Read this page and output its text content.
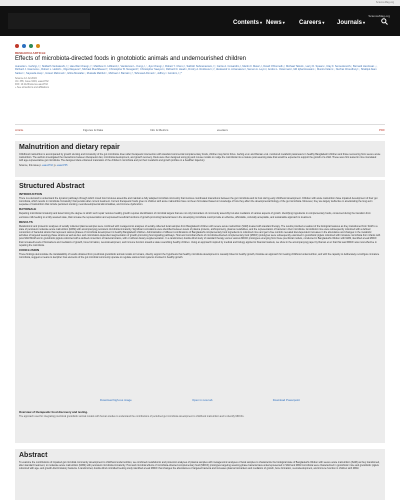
ScienceMag.org
Contents▾ News▾ Careers▾ Journals▾
ScienceMag.org
RESEARCH ARTICLE
Effects of microbiota-directed foods in gnotobiotic animals and undernourished children
Jeanette L. Gehrig¹,²,³, Siddarth Venkatesh¹,²,³, Hao-Wei Chang¹,²,³, Matthew C. Hibberd¹,², Vanderson L. Kung¹,²,⁴, Jiye Cheng¹,², Robert Y. Chen¹,², Sathish Subramanian¹,²,³, Carrie A. Cowardin¹,², Martin F. Meier¹,², David O'Donnell¹,², Michael Talcott⁵, Larry D. Spears⁶, Clay F. Semenkovich⁶, Bernard Henrissat⁷,⁸, Richard J. Giannone⁹, Robert L. Hettich⁹, Olga Ilkayeva¹⁰, Michael Muehlbauer¹⁰, Christopher B. Newgard¹⁰, Christopher Sawyer¹¹, Richard D. Head¹¹, Dmitry A. Rodionov¹²,¹³, Aleksandr A. Arzamasov¹², Semen A. Leyn¹², Andrei L. Osterman¹², Md Iqbal Hossain¹⁴, Munirul Islam¹⁴, Nuzhat Choudhury¹⁴, Shafiqul Alam Sarker¹⁴, Sayeeda Huq¹⁴, Imteaz Mahmud¹⁴, Ishita Mostafa¹⁴, Mustafa Mahfuz¹⁴, Michael J. Barratt¹,²,³, Tahmeed Ahmed¹⁴, Jeffrey I. Gordon¹,²,³,*
Science 12 Jul 2019:
Vol. 365, Issue 6449, eaau4732
DOI: 10.1126/science.aau4732
+ See all authors and affiliations
Article	Figures & Data	Info & Metrics	eLetters	PDF
Malnutrition and dietary repair

Childhood malnutrition is accompanied by growth stunting and immaturity of the gut microbiota. Even after therapeutic intervention with standard commercial complementary foods, children may fail to thrive. Gehrig et al. and Raman et al. monitored metabolic parameters in healthy Bangladeshi children and those recovering from severe acute malnutrition. The authors investigated the interactions between therapeutic diet, microbiota development, and growth recovery. Diets were then designed using pig and mouse models to nudge the microbiota into a mature post-weaning state that would be expected to support the growth of a child. These were first tested in mice inoculated with age-representative gut microbiota. The designed diets enhanced maturation of the children's microbiota and put their metabolic and growth profiles on a healthier trajectory.

Science, this issue p. eaau4732; p. eaau4735
Structured Abstract
INTRODUCTION

There is a demand to understand the dynamic pathways through which mixed food mixtures assemble and maintain a fully adapted microbial community that involves coordinated interactions between the gut microbiota and its host during early childhood development. Children with acute malnutrition have impaired development of their gut microbiota, which results in microbiota 'immaturity' that persists after current treatment. Current therapeutic foods given to children with acute malnutrition have not been formulated based on knowledge of how they affect the developmental biology of the gut microbiota. Moreover, they are largely ineffective in ameliorating the long-term sequelae of malnutrition that include persistent stunting, neurodevelopmental abnormalities, and immune dysfunction.

RATIONALE

Repairing microbiota immaturity and determining the degree to which such repair restores healthy growth requires identification of microbial targets that are not only biomarkers of community assembly but also mediators of various aspects of growth. Identifying ingredients in complementary foods, consumed during the transition from exclusive milk feeding to a fully weaned state, that increase the representation and expressed beneficial functions of growth-promoting bacterial taxa in the developing microbiota could provide an effective, affordable, culturally acceptable, and sustainable approach to treatment.

RESULTS

Metabolomic and proteomic analyses of serially collected plasma samples were combined with metagenomic analyses of serially collected fecal samples from Bangladeshi children with severe acute malnutrition (SAM) treated with standard therapy. The results provided a readout of the biological features as they transitioned from SAM to a state of persistent moderate acute malnutrition (MAM) with accompanying persistent microbiota immaturity. Significant correlations were identified between levels of plasma proteins, anthropometry, plasma metabolites, and the representation of bacteria in their microbiota. Gnotobiotic mice were subsequently colonized with a defined consortium of bacterial strains that represent various phases of microbiota development in healthy Bangladeshi children. Administration of different combinations of Bangladeshi complementary food ingredients to colonized mice and germ-free controls revealed diet-dependent increases in the abundance and changes in the metabolic activities of targeted weaning-phase strains as well as diet- and colonization-dependent augmentation of growth-promoting host signaling pathways. Host and microbial effects of microbiota-directed complementary food (MDCF) prototypes were subsequently examined in gnotobiotic piglets colonized with immature microbiota from infants with post-SAM MAM and in gnotobiotic piglets colonized with a defined consortium of bacterial strains, with or without dietary supplementation. In a randomized, double-blind study of standard therapy versus various MDCF prototypes emerging from these preclinical models, conducted in Bangladeshi children with MAM, identified a lead MDCF that increased levels of biomarkers and mediators of growth, bone formation, neurodevelopment, and immune function toward a state resembling healthy children. Using an approach inspired by medical and biology applied to financial markets, we show in the accompanying paper by Raman et al. that this lead MDCF was most effective in repairing the microbiota.

CONCLUSION

These findings demonstrate the translatability of results obtained from preclinical gnotobiotic animal models to humans, directly support the hypothesis that healthy microbiota development is causally linked to healthy growth, illustrate an approach for treating childhood undernutrition, and with the capacity to deliberately reconfigure immature microbiota, suggest a means to decipher how elements of the gut microbial community operate to regulate various host systems involved in healthy growth.

Download high-res image	Open in new tab	Download Powerpoint
Overview of therapeutic food discovery and testing.

The approach used for integrating preclinical gnotobiotic animal models with human studies to understand the contributions of perturbed gut microbiota development to childhood malnutrition and to identify MDCFs.

Abstract

To examine the contributions of impaired gut microbial community development to childhood undernutrition, we combined metabolomic and proteomic analyses of plasma samples with metagenomic analyses of fecal samples to characterize the biological state of Bangladeshi children with severe acute malnutrition (SAM) as they transitioned, after standard treatment, to moderate acute malnutrition (MAM) with persistent microbiota immaturity. Host and microbial effects of microbiota-directed complementary food (MDCF) prototypes targeting weaning-phase bacterial taxa underrepresented in SAM and MAM microbiota were characterized in gnotobiotic mice and gnotobiotic piglets colonized with age- and growth-discriminatory bacteria. A randomized, double-blind controlled feeding study identified a lead MDCF that changes the abundances of targeted bacteria and increases plasma biomarkers and mediators of growth, bone formation, neurodevelopment, and immune function in children with MAM.
